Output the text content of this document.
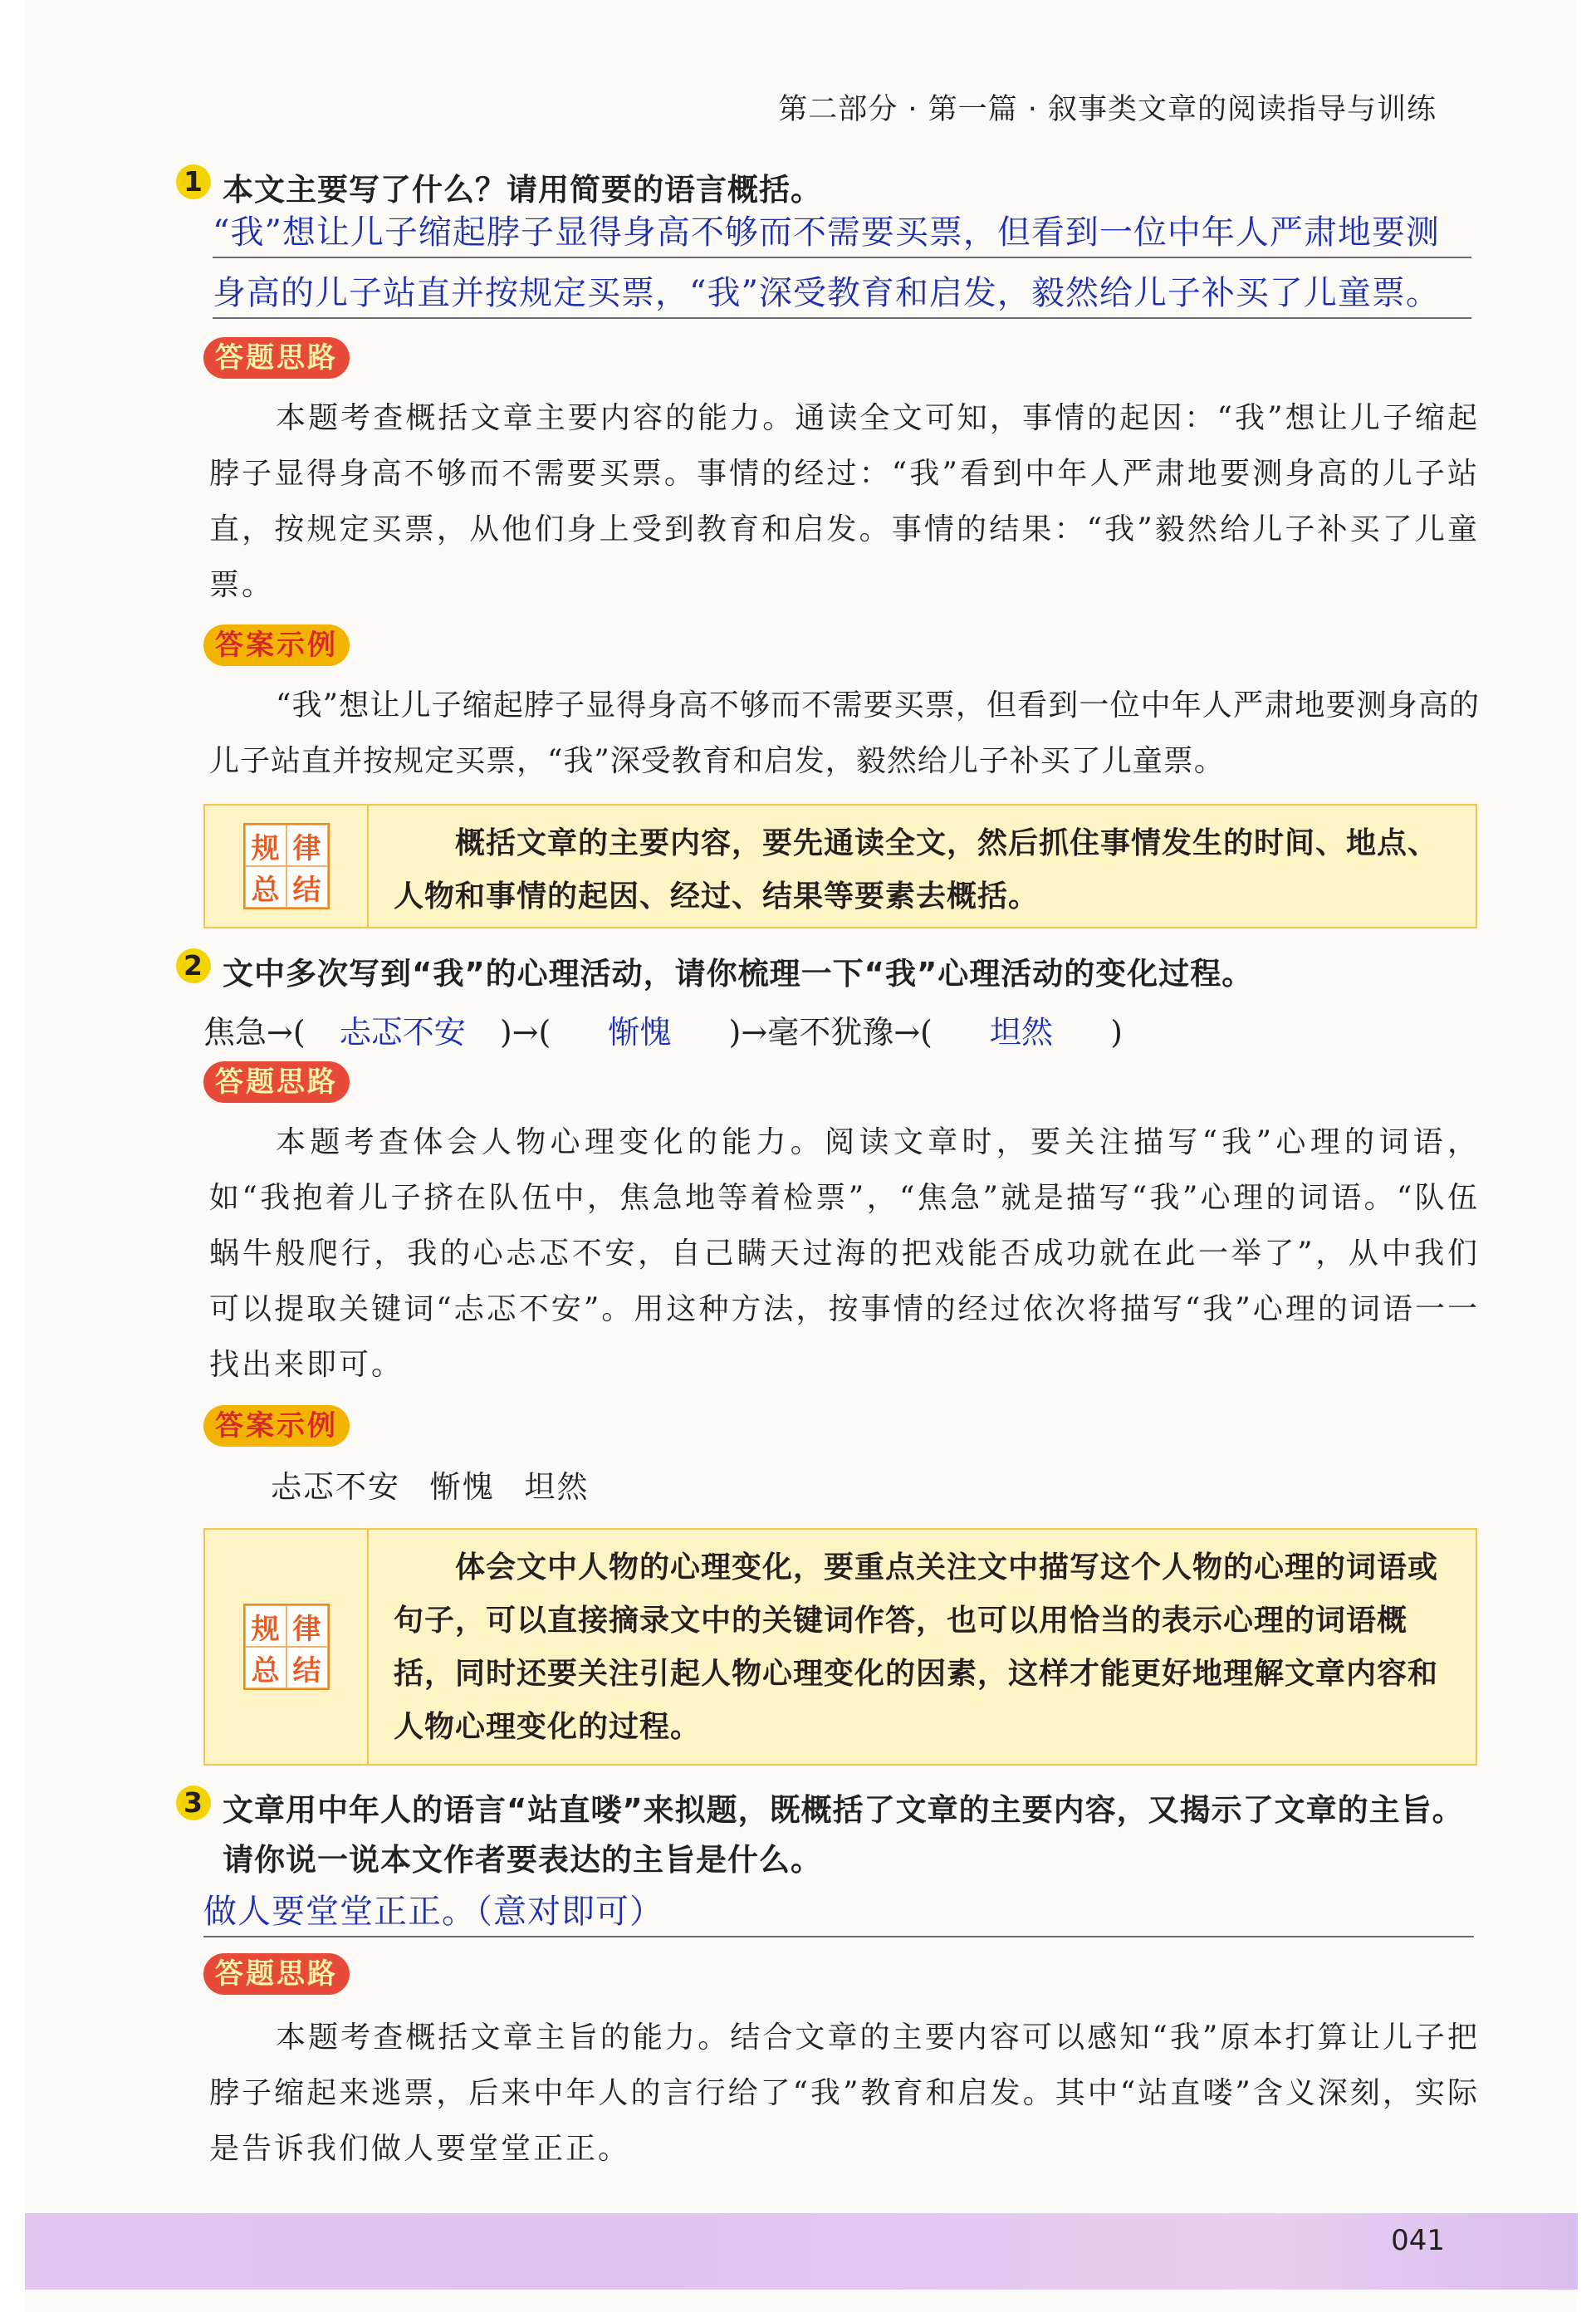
第二部分 · 第一篇 · 叙事类文章的阅读指导与训练
1 本文主要写了什么？请用简要的语言概括。
“我”想让儿子缩起脖子显得身高不够而不需要买票，但看到一位中年人严肃地要测
身高的儿子站直并按规定买票，“我”深受教育和启发，毅然给儿子补买了儿童票。
答题思路
本题考查概括文章主要内容的能力。通读全文可知，事情的起因：“我”想让儿子缩起脖子显得身高不够而不需要买票。事情的经过：“我”看到中年人严肃地要测身高的儿子站直，按规定买票，从他们身上受到教育和启发。事情的结果：“我”毅然给儿子补买了儿童票。
答案示例
“我”想让儿子缩起脖子显得身高不够而不需要买票，但看到一位中年人严肃地要测身高的儿子站直并按规定买票，“我”深受教育和启发，毅然给儿子补买了儿童票。
规 律
总 结
概括文章的主要内容，要先通读全文，然后抓住事情发生的时间、地点、人物和事情的起因、经过、结果等要素去概括。
2 文中多次写到“我”的心理活动，请你梳理一下“我”心理活动的变化过程。
焦急→( 忐忑不安 )→( 惭愧 )→毫不犹豫→( 坦然 )
答题思路
本题考查体会人物心理变化的能力。阅读文章时，要关注描写“我”心理的词语，如“我抱着儿子挤在队伍中，焦急地等着检票”，“焦急”就是描写“我”心理的词语。“队伍蜗牛般爬行，我的心忐忑不安，自己瞒天过海的把戏能否成功就在此一举了”，从中我们可以提取关键词“忐忑不安”。用这种方法，按事情的经过依次将描写“我”心理的词语一一找出来即可。
答案示例
忐忑不安 惭愧 坦然
规 律
总 结
体会文中人物的心理变化，要重点关注文中描写这个人物的心理的词语或句子，可以直接摘录文中的关键词作答，也可以用恰当的表示心理的词语概括，同时还要关注引起人物心理变化的因素，这样才能更好地理解文章内容和人物心理变化的过程。
3 文章用中年人的语言“站直喽”来拟题，既概括了文章的主要内容，又揭示了文章的主旨。请你说一说本文作者要表达的主旨是什么。
做人要堂堂正正。（意对即可）
答题思路
本题考查概括文章主旨的能力。结合文章的主要内容可以感知“我”原本打算让儿子把脖子缩起来逃票，后来中年人的言行给了“我”教育和启发。其中“站直喽”含义深刻，实际是告诉我们做人要堂堂正正。
041
